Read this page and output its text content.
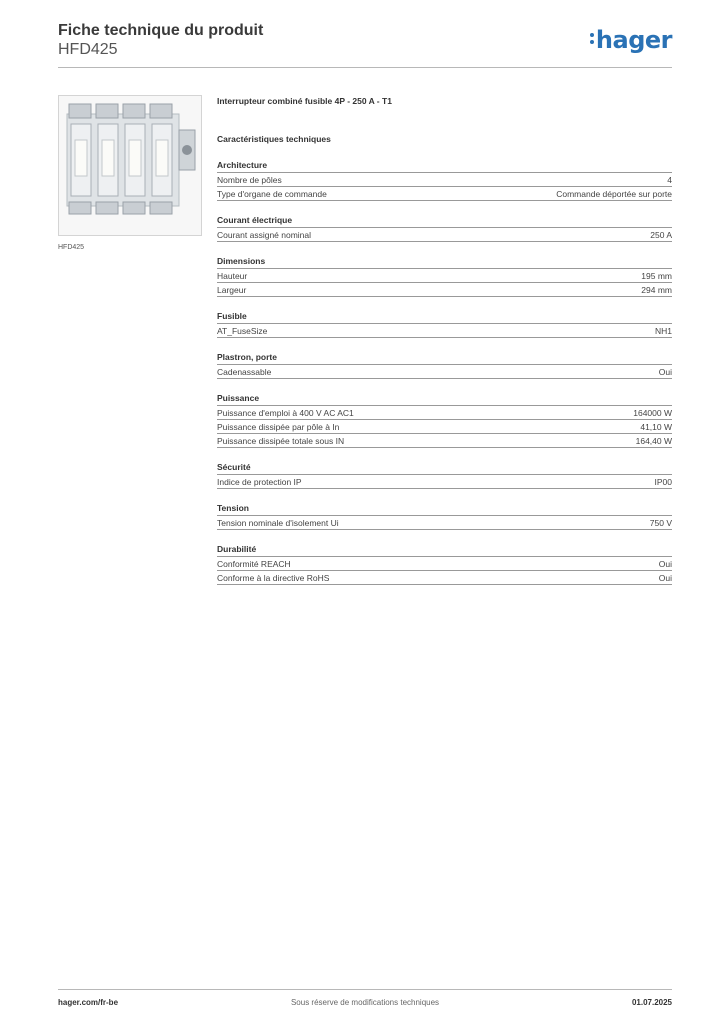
Fiche technique du produit
HFD425	hager
HFD425
Interrupteur combiné fusible 4P - 250 A - T1
Caractéristiques techniques
Architecture
Nombre de pôles	4
Type d'organe de commande	Commande déportée sur porte
Courant électrique
Courant assigné nominal	250 A
Dimensions
Hauteur	195 mm
Largeur	294 mm
Fusible
AT_FuseSize	NH1
Plastron, porte
Cadenassable	Oui
Puissance
Puissance d'emploi à 400 V AC AC1	164000 W
Puissance dissipée par pôle à In	41,10 W
Puissance dissipée totale sous IN	164,40 W
Sécurité
Indice de protection IP	IP00
Tension
Tension nominale d'isolement Ui	750 V
Durabilité
Conformité REACH	Oui
Conforme à la directive RoHS	Oui
hager.com/fr-be	Sous réserve de modifications techniques	01.07.2025
